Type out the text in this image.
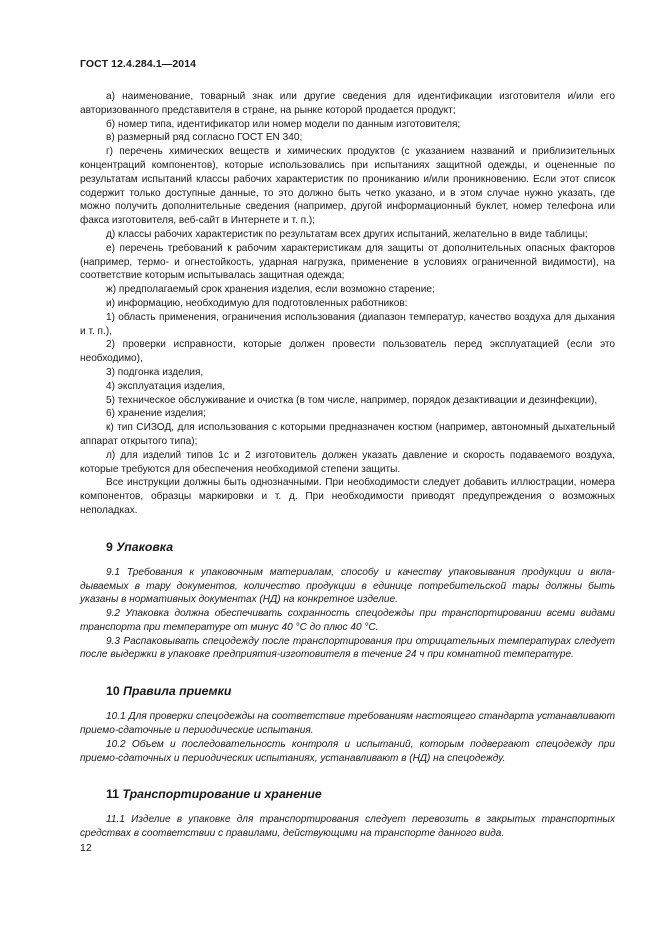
ГОСТ 12.4.284.1—2014

а) наименование, товарный знак или другие сведения для идентификации изготовителя и/или его авторизованного представителя в стране, на рынке которой продается продукт;

б) номер типа, идентификатор или номер модели по данным изготовителя;

в) размерный ряд согласно ГОСТ EN 340;

г) перечень химических веществ и химических продуктов (с указанием названий и приблизительных концентраций компонентов), которые использовались при испытаниях защитной одежды, и оцененные по результатам испытаний классы рабочих характеристик по прониканию и/или проникновению. Если этот список содержит только доступные данные, то это должно быть четко указано, и в этом случае нужно указать, где можно получить дополнительные сведения (например, другой информационный буклет, номер телефона или факса изготовителя, веб-сайт в Интернете и т. п.);

д) классы рабочих характеристик по результатам всех других испытаний, желательно в виде таблицы;

е) перечень требований к рабочим характеристикам для защиты от дополнительных опасных факторов (например, термо- и огнестойкость, ударная нагрузка, применение в условиях ограниченной видимости), на соответствие которым испытывалась защитная одежда;

ж) предполагаемый срок хранения изделия, если возможно старение;

и) информацию, необходимую для подготовленных работников:

1) область применения, ограничения использования (диапазон температур, качество воздуха для дыхания и т. п.),

2) проверки исправности, которые должен провести пользователь перед эксплуатацией (если это необходимо),

3) подгонка изделия,

4) эксплуатация изделия,

5) техническое обслуживание и очистка (в том числе, например, порядок дезактивации и дезинфекции),

6) хранение изделия;

к) тип СИЗОД, для использования с которыми предназначен костюм (например, автономный дыхательный аппарат открытого типа);

л) для изделий типов 1с и 2 изготовитель должен указать давление и скорость подаваемого воздуха, которые требуются для обеспечения необходимой степени защиты.

Все инструкции должны быть однозначными. При необходимости следует добавить иллюстрации, номера компонентов, образцы маркировки и т. д. При необходимости приводят предупреждения о возможных неполадках.

9 Упаковка

9.1 Требования к упаковочным материалам, способу и качеству упаковывания продукции и вкладываемых в тару документов, количество продукции в единице потребительской тары должны быть указаны в нормативных документах (НД) на конкретное изделие.

9.2 Упаковка должна обеспечивать сохранность спецодежды при транспортировании всеми видами транспорта при температуре от минус 40 °С до плюс 40 °С.

9.3 Распаковывать спецодежду после транспортирования при отрицательных температурах следует после выдержки в упаковке предприятия-изготовителя в течение 24 ч при комнатной температуре.

10 Правила приемки

10.1 Для проверки спецодежды на соответствие требованиям настоящего стандарта устанавливают приемо-сдаточные и периодические испытания.

10.2 Объем и последовательность контроля и испытаний, которым подвергают спецодежду при приемо-сдаточных и периодических испытаниях, устанавливают в (НД) на спецодежду.

11 Транспортирование и хранение

11.1 Изделие в упаковке для транспортирования следует перевозить в закрытых транспортных средствах в соответствии с правилами, действующими на транспорте данного вида.

12
